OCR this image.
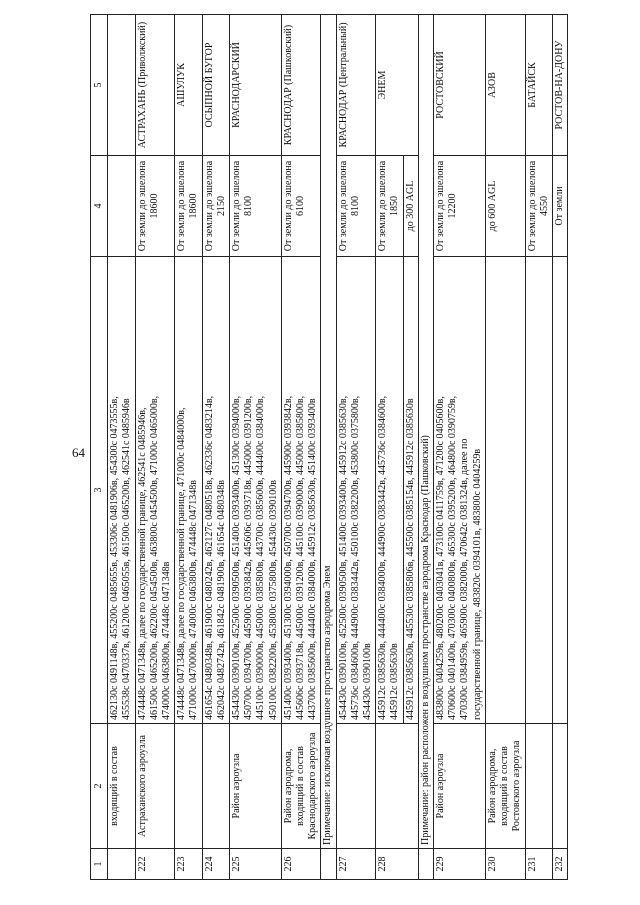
64
1	2	3	4	5
	входящий в состав	462130с 0491148в, 455200с 0485655в, 453306с 0481906в, 454300с 0473555в, 455538с 0470337в, 461200с 0465055в, 461500с 0465200в, 462541с 0485946в		

222	Астраханского аэроузла	474448с 0471348в, далее по государственной границе, 462541с 0485946в, 461500с 0465200в, 462200с 0454500в, 463800с 0454500в, 471000с 0465000в, 474000с 0463800в, 474448с 0471348в	От земли до эшелона 18600	АСТРАХАНЬ (Приволжский)
223		474448с 0471348в, далее по государственной границе, 471000с 0484000в, 471000с 0470000в, 474000с 0463800в, 474448с 0471348в	От земли до эшелона 18600	АШУЛУК
224		461654с 0480348в, 461900с 0480242в, 462127с 0480518в, 462336с 0483214в, 462042с 0482742в, 461842с 0481900в, 461654с 0480348в	От земли до эшелона 2150	ОСЫПНОЙ БУГОР
225	Район аэроузла	454430с 0390100в, 452500с 0390500в, 451400с 0393400в, 451300с 0394000в, 450700с 0394700в, 445900с 0393842в, 445606с 0393718в, 445000с 0391200в, 445100с 0390000в, 445000с 0385800в, 443700с 0385600в, 444400с 0384000в, 450100с 0382200в, 453800с 0375800в, 454430с 0390100в	От земли до эшелона 8100	КРАСНОДАРСКИЙ
226	Район аэродрома, входящий в состав Краснодарского аэроузла	451400с 0393400в, 451300с 0394000в, 450700с 0394700в, 445900с 0393842в, 445606с 0393718в, 445000с 0391200в, 445100с 0390000в, 445000с 0385800в, 443700с 0385600в, 444400с 0384000в, 445912с 0385630в, 451400с 0393400в	От земли до эшелона 6100	КРАСНОДАР (Пашковский)
	Примечание: исключая воздушное пространство аэродрома Энем			
227		454430с 0390100в, 452500с 0390500в, 451400с 0393400в, 445912с 0385630в, 445736с 0384600в, 444900с 0383442в, 450100с 0382200в, 453800с 0375800в, 454430с 0390100в	От земли до эшелона 8100	КРАСНОДАР (Центральный)
228		445912с 0385630в, 444400с 0384000в, 444900с 0383442в, 445736с 0384600в, 445912с 0385630в	От земли до эшелона 1850	ЭНЕМ

		445912с 0385630в, 445530с 0385806в, 445500с 0385154в, 445912с 0385630в	до 300 AGL	
	Примечание: район расположен в воздушном пространстве аэродрома Краснодар (Пашковский)			
229	Район аэроузла	483800с 0404259в, 480200с 0403041в, 473100с 0411759в, 471200с 0405600в, 470600с 0401400в, 470300с 0400800в, 465300с 0395200в, 464800с 0390759в, 470300с 0384959в, 465900с 0382000в, 470642с 0381324в, далее по государственной границе, 483820с 0394101в, 483800с 0404259в	От земли до эшелона 12200	РОСТОВСКИЙ
230	Район аэродрома, входящий в состав Ростовского аэроузла		до 600 AGL	АЗОВ
231			От земли до эшелона 4550	БАТАЙСК
232			От земли	РОСТОВ-НА-ДОНУ
